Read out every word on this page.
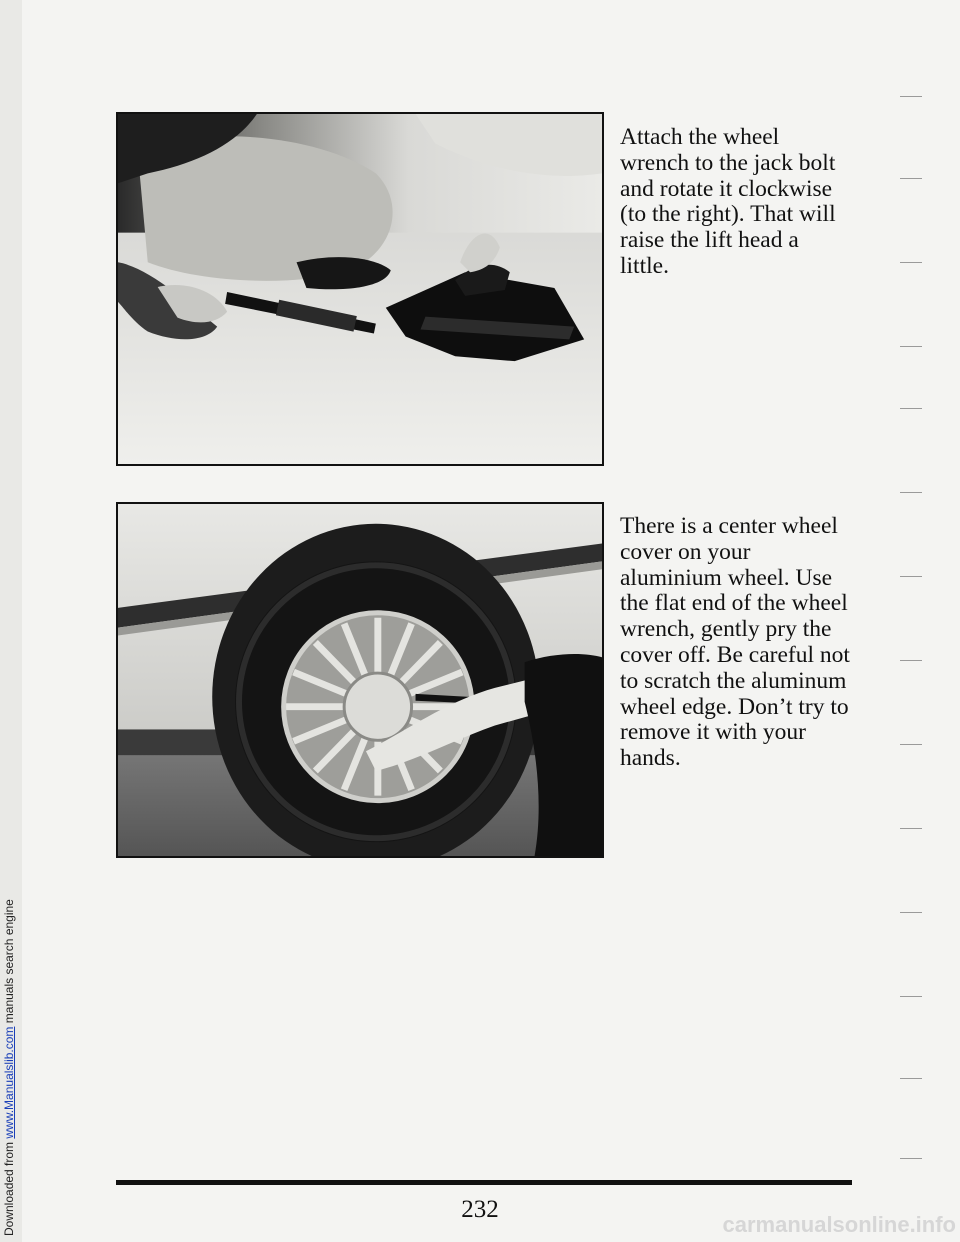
Downloaded from www.Manualslib.com manuals search engine
Attach the wheel wrench to the jack bolt and rotate it clockwise (to the right). That will raise the lift head a little.
There is a center wheel cover on your aluminium wheel. Use the flat end of the wheel wrench, gently pry the cover off. Be careful not to scratch the aluminum wheel edge. Don’t try to remove it with your hands.
232
carmanualsonline.info
